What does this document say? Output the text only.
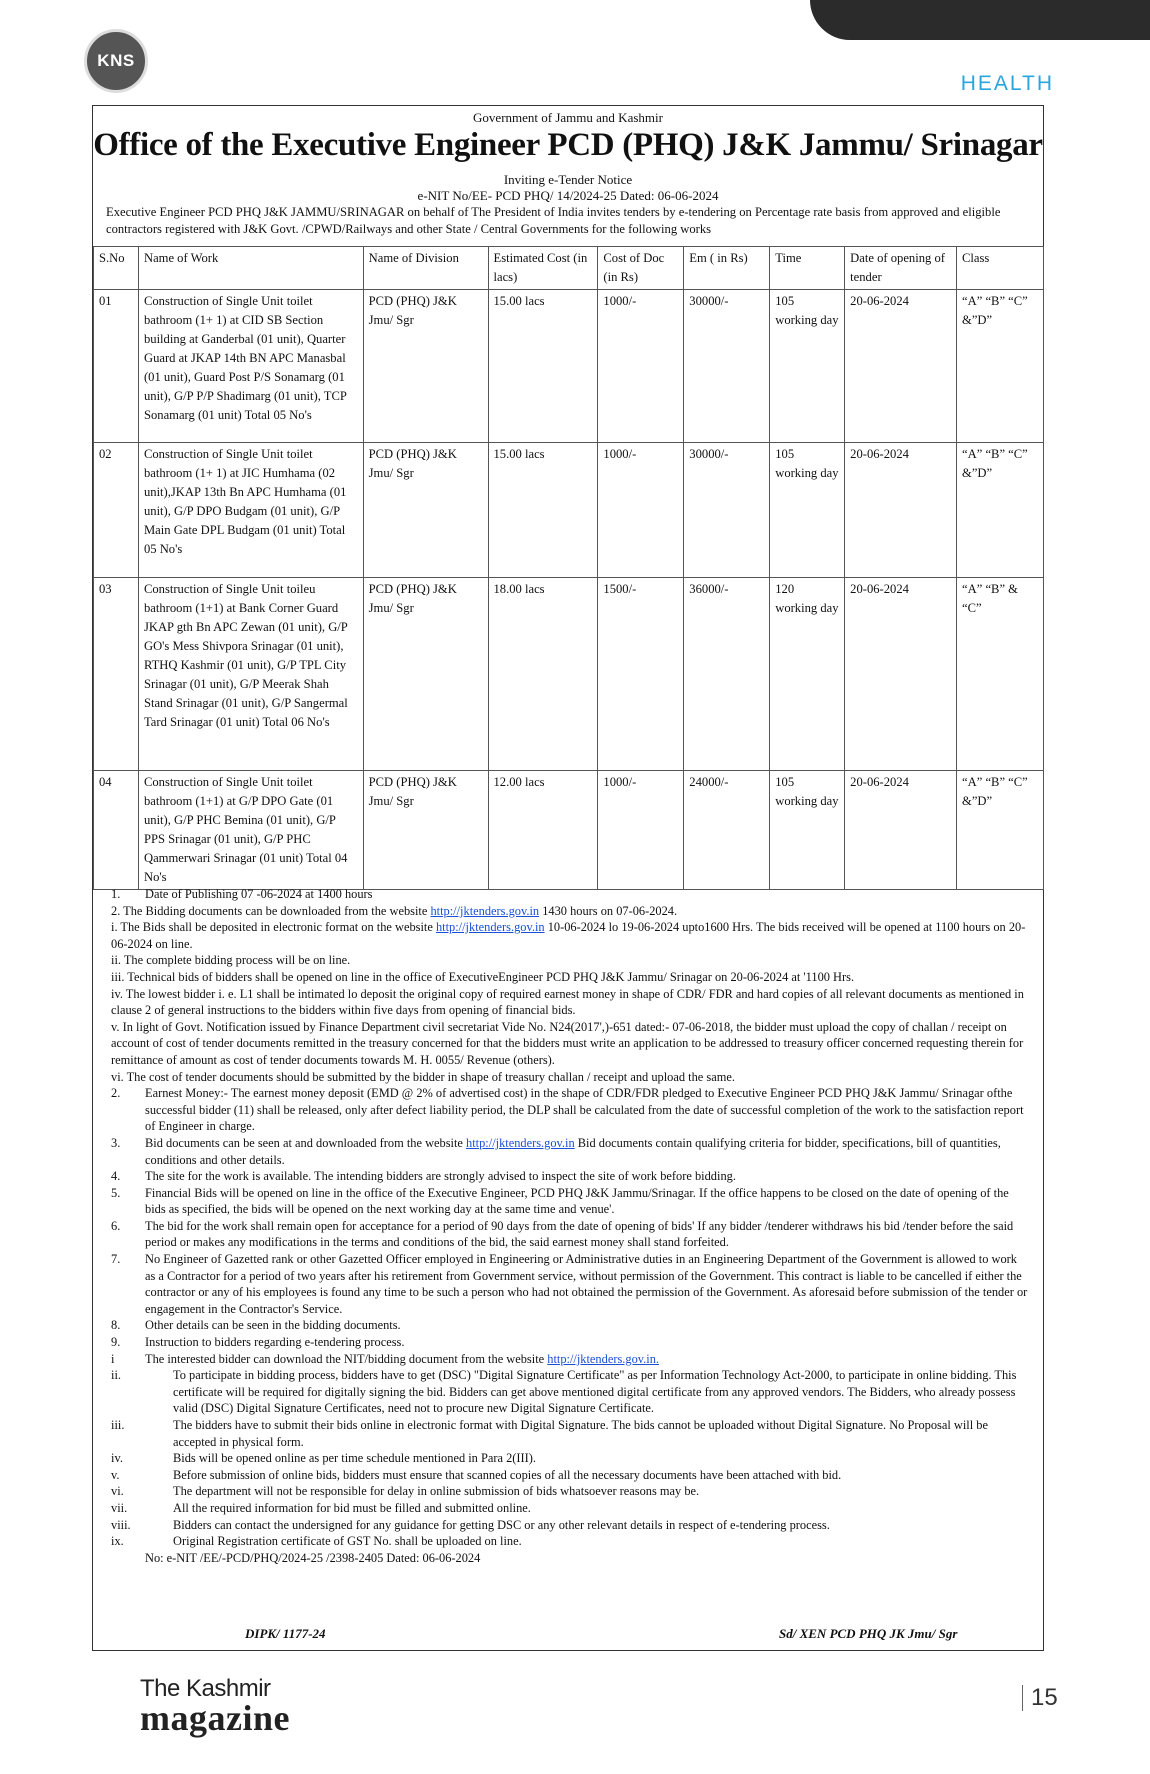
KNS
HEALTH
Government of Jammu and Kashmir
Office of the Executive Engineer PCD (PHQ) J&K Jammu/ Srinagar
Inviting e-Tender Notice
e-NIT No/EE- PCD PHQ/ 14/2024-25 Dated: 06-06-2024
Executive Engineer PCD PHQ J&K JAMMU/SRINAGAR on behalf of The President of India invites tenders by e-tendering on Percentage rate basis from approved and eligible contractors registered with J&K Govt. /CPWD/Railways and other State / Central Governments for the following works
S.No	Name of Work	Name of Division	Estimated Cost (in lacs)	Cost of Doc (in Rs)	Em ( in Rs)	Time	Date of opening of tender	Class
01	Construction of Single Unit toilet bathroom (1+ 1) at CID SB Section building at Ganderbal (01 unit), Quarter Guard at JKAP 14th BN APC Manasbal (01 unit), Guard Post P/S Sonamarg (01 unit), G/P P/P Shadimarg (01 unit), TCP Sonamarg (01 unit) Total 05 No's	PCD (PHQ) J&K Jmu/ Sgr	15.00 lacs	1000/-	30000/-	105 working day	20-06-2024	“A” “B” “C” &”D”
02	Construction of Single Unit toilet bathroom (1+ 1) at JIC Humhama (02 unit),JKAP 13th Bn APC Humhama (01 unit), G/P DPO Budgam (01 unit), G/P Main Gate DPL Budgam (01 unit) Total 05 No's	PCD (PHQ) J&K Jmu/ Sgr	15.00 lacs	1000/-	30000/-	105 working day	20-06-2024	“A” “B” “C” &”D”
03	Construction of Single Unit toileu bathroom (1+1) at Bank Corner Guard JKAP gth Bn APC Zewan (01 unit), G/P GO's Mess Shivpora Srinagar (01 unit), RTHQ Kashmir (01 unit), G/P TPL City Srinagar (01 unit), G/P Meerak Shah Stand Srinagar (01 unit), G/P Sangermal Tard Srinagar (01 unit) Total 06 No's	PCD (PHQ) J&K Jmu/ Sgr	18.00 lacs	1500/-	36000/-	120 working day	20-06-2024	“A” “B” & “C”
04	Construction of Single Unit toilet bathroom (1+1) at G/P DPO Gate (01 unit), G/P PHC Bemina (01 unit), G/P PPS Srinagar (01 unit), G/P PHC Qammerwari Srinagar (01 unit) Total 04 No's	PCD (PHQ) J&K Jmu/ Sgr	12.00 lacs	1000/-	24000/-	105 working day	20-06-2024	“A” “B” “C” &”D”
1.	Date of Publishing 07 -06-2024 at 1400 hours
2. The Bidding documents can be downloaded from the website http://jktenders.gov.in 1430 hours on 07-06-2024.
i. The Bids shall be deposited in electronic format on the website http://jktenders.gov.in 10-06-2024 lo 19-06-2024 upto1600 Hrs. The bids received will be opened at 1100 hours on 20-06-2024 on line.
ii. The complete bidding process will be on line.
iii. Technical bids of bidders shall be opened on line in the office of ExecutiveEngineer PCD PHQ J&K Jammu/ Srinagar on 20-06-2024 at '1100 Hrs.
iv. The lowest bidder i. e. L1 shall be intimated lo deposit the original copy of required earnest money in shape of CDR/ FDR and hard copies of all relevant documents as mentioned in clause 2 of general instructions to the bidders within five days from opening of financial bids.
v. In light of Govt. Notification issued by Finance Department civil secretariat Vide No. N24(2017',)-651 dated:- 07-06-2018, the bidder must upload the copy of challan / receipt on account of cost of tender documents remitted in the treasury concerned for that the bidders must write an application to be addressed to treasury officer concerned requesting therein for remittance of amount as cost of tender documents towards M. H. 0055/ Revenue (others).
vi. The cost of tender documents should be submitted by the bidder in shape of treasury challan / receipt and upload the same.
2.	Earnest Money:- The earnest money deposit (EMD @ 2% of advertised cost) in the shape of CDR/FDR pledged to Executive Engineer PCD PHQ J&K Jammu/ Srinagar ofthe successful bidder (11) shall be released, only after defect liability period, the DLP shall be calculated from the date of successful completion of the work to the satisfaction report of Engineer in charge.
3.	Bid documents can be seen at and downloaded from the website http://jktenders.gov.in Bid documents contain qualifying criteria for bidder, specifications, bill of quantities, conditions and other details.
4.	The site for the work is available. The intending bidders are strongly advised to inspect the site of work before bidding.
5.	Financial Bids will be opened on line in the office of the Executive Engineer, PCD PHQ J&K Jammu/Srinagar. If the office happens to be closed on the date of opening of the bids as specified, the bids will be opened on the next working day at the same time and venue'.
6.	The bid for the work shall remain open for acceptance for a period of 90 days from the date of opening of bids' If any bidder /tenderer withdraws his bid /tender before the said period or makes any modifications in the terms and conditions of the bid, the said earnest money shall stand forfeited.
7.	No Engineer of Gazetted rank or other Gazetted Officer employed in Engineering or Administrative duties in an Engineering Department of the Government is allowed to work as a Contractor for a period of two years after his retirement from Government service, without permission of the Government. This contract is liable to be cancelled if either the contractor or any of his employees is found any time to be such a person who had not obtained the permission of the Government. As aforesaid before submission of the tender or engagement in the Contractor's Service.
8.	Other details can be seen in the bidding documents.
9.	Instruction to bidders regarding e-tendering process.
i	The interested bidder can download the NIT/bidding document from the website http://jktenders.gov.in.
ii.	To participate in bidding process, bidders have to get (DSC) "Digital Signature Certificate" as per Information Technology Act-2000, to participate in online bidding. This certificate will be required for digitally signing the bid. Bidders can get above mentioned digital certificate from any approved vendors. The Bidders, who already possess valid (DSC) Digital Signature Certificates, need not to procure new Digital Signature Certificate.
iii.	The bidders have to submit their bids online in electronic format with Digital Signature. The bids cannot be uploaded without Digital Signature. No Proposal will be accepted in physical form.
iv.	Bids will be opened online as per time schedule mentioned in Para 2(III).
v.	Before submission of online bids, bidders must ensure that scanned copies of all the necessary documents have been attached with bid.
vi.	The department will not be responsible for delay in online submission of bids whatsoever reasons may be.
vii.	All the required information for bid must be filled and submitted online.
viii.	Bidders can contact the undersigned for any guidance for getting DSC or any other relevant details in respect of e-tendering process.
ix.	Original Registration certificate of GST No. shall be uploaded on line.
No: e-NIT /EE/-PCD/PHQ/2024-25 /2398-2405 Dated: 06-06-2024
DIPK/ 1177-24	Sd/ XEN PCD PHQ JK Jmu/ Sgr
The Kashmir
magazine
15
